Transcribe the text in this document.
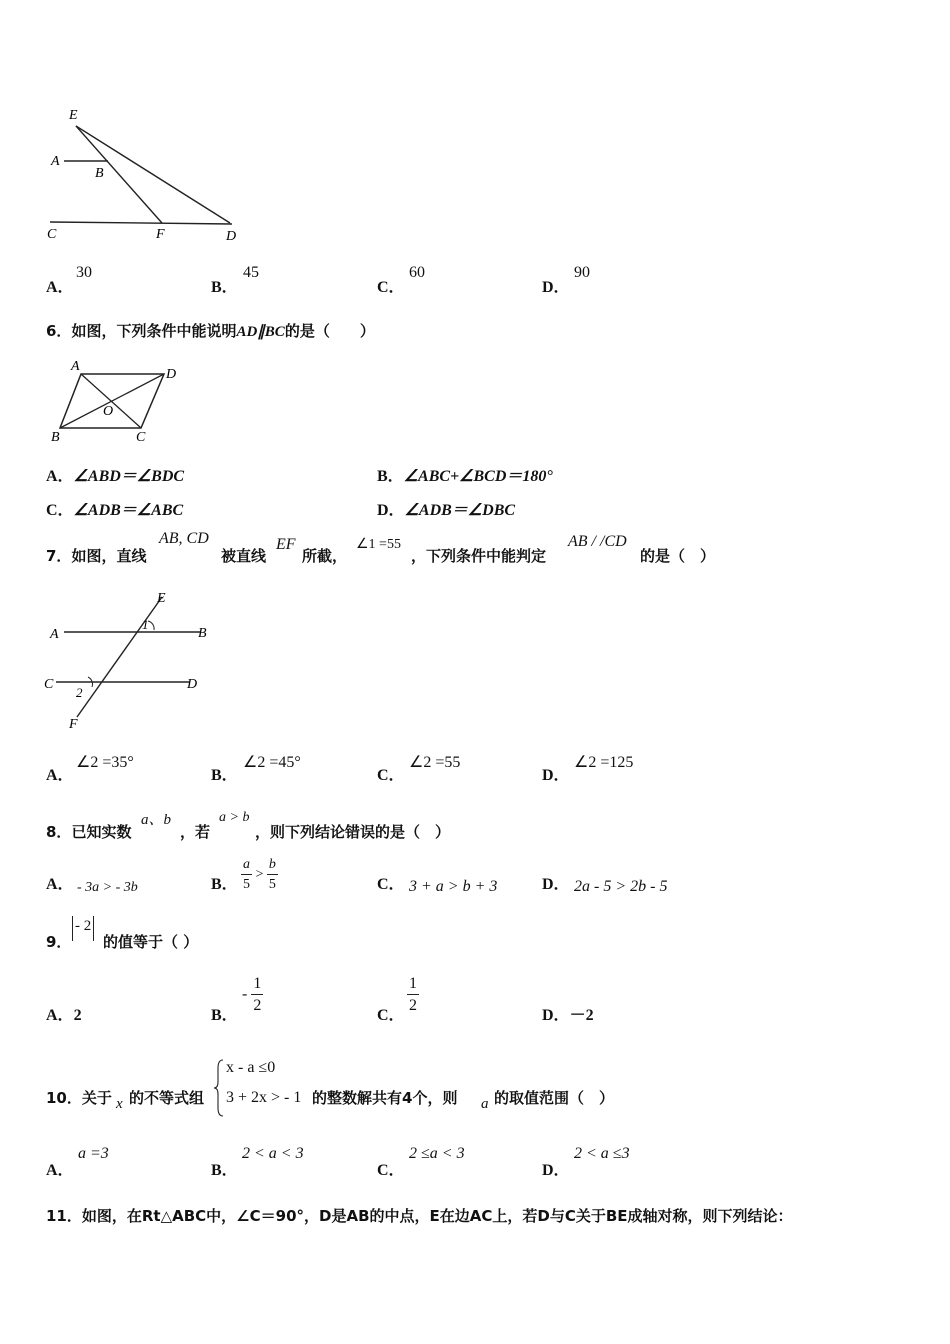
E
A
B
C	F	D
A．
30
B．
45
C．
60
D．
90
6．如图，下列条件中能说明AD∥BC的是（　　）
A
D
O
B	C
A．∠ABD＝∠BDC	B．∠ABC+∠BCD＝180°
C．∠ADB＝∠ABC	D．∠ADB＝∠DBC
7．如图，直线
AB, CD
被直线
EF
所截，
∠1 =55
，下列条件中能判定
AB / /CD
的是（　）
E
A
1
B
C	D
2
F
A．
∠2 =35°
B．
∠2 =45°
C．
∠2 =55
D．
∠2 =125
8．已知实数
a、b
，若
a > b
，则下列结论错误的是（　）
A． - 3a > - 3b	B． $\frac{a}{5} > \frac{b}{5}$	C． 3 + a > b + 3	D． 2a - 5 > 2b - 5
9．
- 2
的值等于（ ）
A．2	B．
- $\frac{1}{2}$
C．
$\frac{1}{2}$
D．－2
10．关于 x 的不等式组
x - a ≤0
3 + 2x > - 1 的整数解共有4个，则 a 的取值范围（　）
A．
a =3
B．
2 < a < 3
C．
2 ≤a < 3
D．
2 < a ≤3
11．如图，在Rt△ABC中，∠C＝90°，D是AB的中点，E在边AC上，若D与C关于BE成轴对称，则下列结论：
